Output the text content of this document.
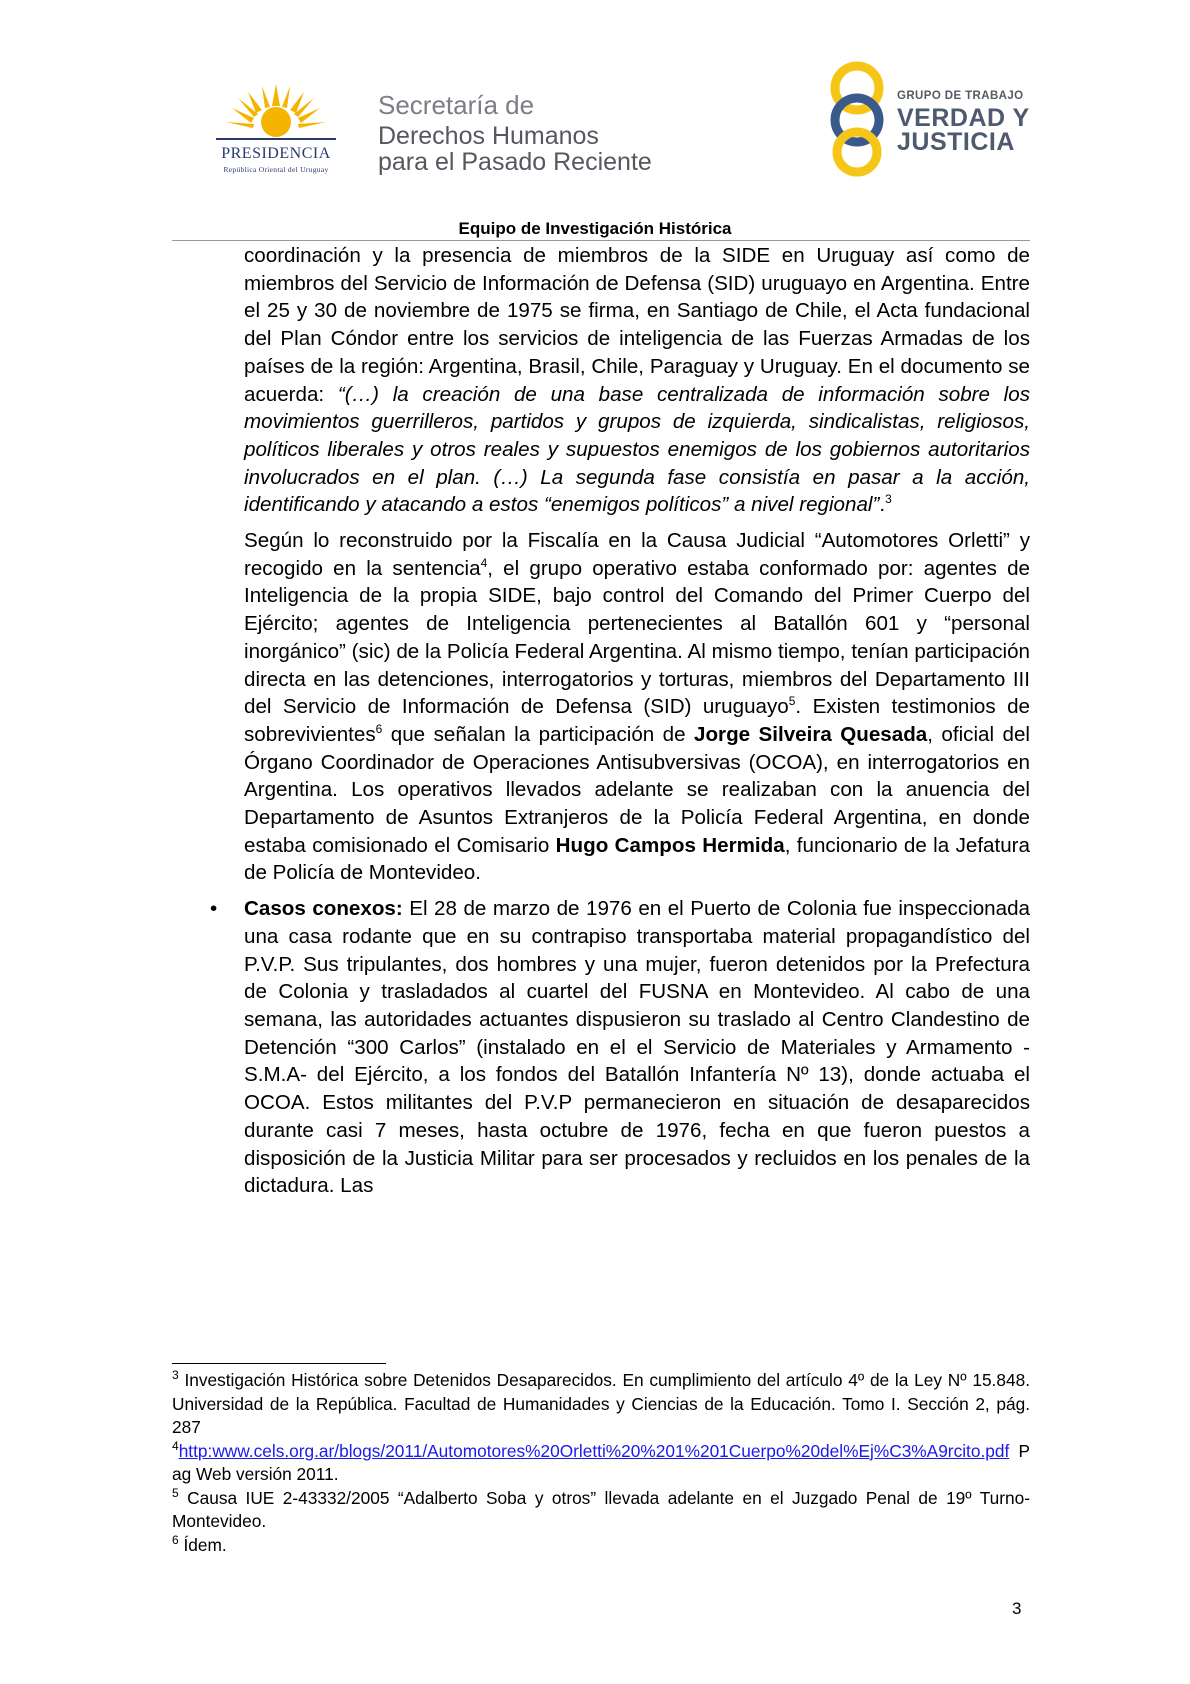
PRESIDENCIA
República Oriental del Uruguay
Secretaría de
Derechos Humanos
para el Pasado Reciente
GRUPO DE TRABAJO
VERDAD Y
JUSTICIA
Equipo de Investigación Histórica

coordinación y la presencia de miembros de la SIDE en Uruguay así como de miembros del Servicio de Información de Defensa (SID) uruguayo en Argentina. Entre el 25 y 30 de noviembre de 1975 se firma, en Santiago de Chile, el Acta fundacional del Plan Cóndor entre los servicios de inteligencia de las Fuerzas Armadas de los países de la región: Argentina, Brasil, Chile, Paraguay y Uruguay. En el documento se acuerda: “(…) la creación de una base centralizada de información sobre los movimientos guerrilleros, partidos y grupos de izquierda, sindicalistas, religiosos, políticos liberales y otros reales y supuestos enemigos de los gobiernos autoritarios involucrados en el plan. (…) La segunda fase consistía en pasar a la acción, identificando y atacando a estos “enemigos políticos” a nivel regional”.$^3$

Según lo reconstruido por la Fiscalía en la Causa Judicial “Automotores Orletti” y recogido en la sentencia$^4$, el grupo operativo estaba conformado por: agentes de Inteligencia de la propia SIDE, bajo control del Comando del Primer Cuerpo del Ejército; agentes de Inteligencia pertenecientes al Batallón 601 y “personal inorgánico” (sic) de la Policía Federal Argentina. Al mismo tiempo, tenían participación directa en las detenciones, interrogatorios y torturas, miembros del Departamento III del Servicio de Información de Defensa (SID) uruguayo$^5$. Existen testimonios de sobrevivientes$^6$ que señalan la participación de Jorge Silveira Quesada, oficial del Órgano Coordinador de Operaciones Antisubversivas (OCOA), en interrogatorios en Argentina. Los operativos llevados adelante se realizaban con la anuencia del Departamento de Asuntos Extranjeros de la Policía Federal Argentina, en donde estaba comisionado el Comisario Hugo Campos Hermida, funcionario de la Jefatura de Policía de Montevideo.

• Casos conexos: El 28 de marzo de 1976 en el Puerto de Colonia fue inspeccionada una casa rodante que en su contrapiso transportaba material propagandístico del P.V.P. Sus tripulantes, dos hombres y una mujer, fueron detenidos por la Prefectura de Colonia y trasladados al cuartel del FUSNA en Montevideo. Al cabo de una semana, las autoridades actuantes dispusieron su traslado al Centro Clandestino de Detención “300 Carlos” (instalado en el el Servicio de Materiales y Armamento -S.M.A- del Ejército, a los fondos del Batallón Infantería Nº 13), donde actuaba el OCOA. Estos militantes del P.V.P permanecieron en situación de desaparecidos durante casi 7 meses, hasta octubre de 1976, fecha en que fueron puestos a disposición de la Justicia Militar para ser procesados y recluidos en los penales de la dictadura. Las

$^3$ Investigación Histórica sobre Detenidos Desaparecidos. En cumplimiento del artículo 4º de la Ley Nº 15.848. Universidad de la República. Facultad de Humanidades y Ciencias de la Educación. Tomo I. Sección 2, pág. 287

$^4$http:www.cels.org.ar/blogs/2011/Automotores%20Orletti%20%201%201Cuerpo%20del%Ej%C3%A9rcito.pdf Pag Web versión 2011.

$^5$ Causa IUE 2-43332/2005 “Adalberto Soba y otros” llevada adelante en el Juzgado Penal de 19º Turno-Montevideo.

$^6$ Ídem.

3
